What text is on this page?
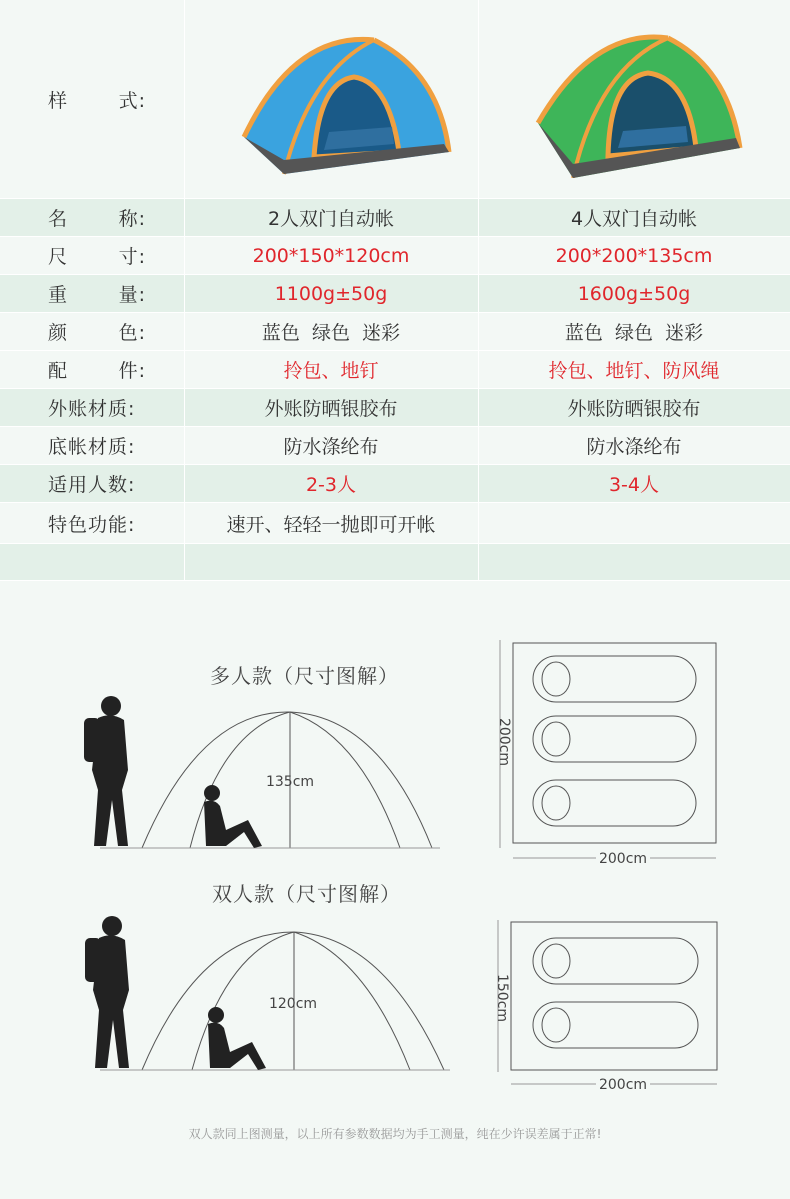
样	式:
名	称:	2人双门自动帐	4人双门自动帐
尺	寸:	200*150*120cm	200*200*135cm
重	量:	1100g±50g	1600g±50g
颜	色:	蓝色  绿色  迷彩	蓝色  绿色  迷彩
配	件:	拎包、地钉	拎包、地钉、防风绳
外账材质:	外账防晒银胶布	外账防晒银胶布
底帐材质:	防水涤纶布	防水涤纶布
适用人数:	2-3人	3-4人
特色功能:	速开、轻轻一抛即可开帐
多人款（尺寸图解）
双人款（尺寸图解）
135cm
200cm
200cm
120cm	150cm
200cm
双人款同上图测量，以上所有参数数据均为手工测量，纯在少许误差属于正常!
